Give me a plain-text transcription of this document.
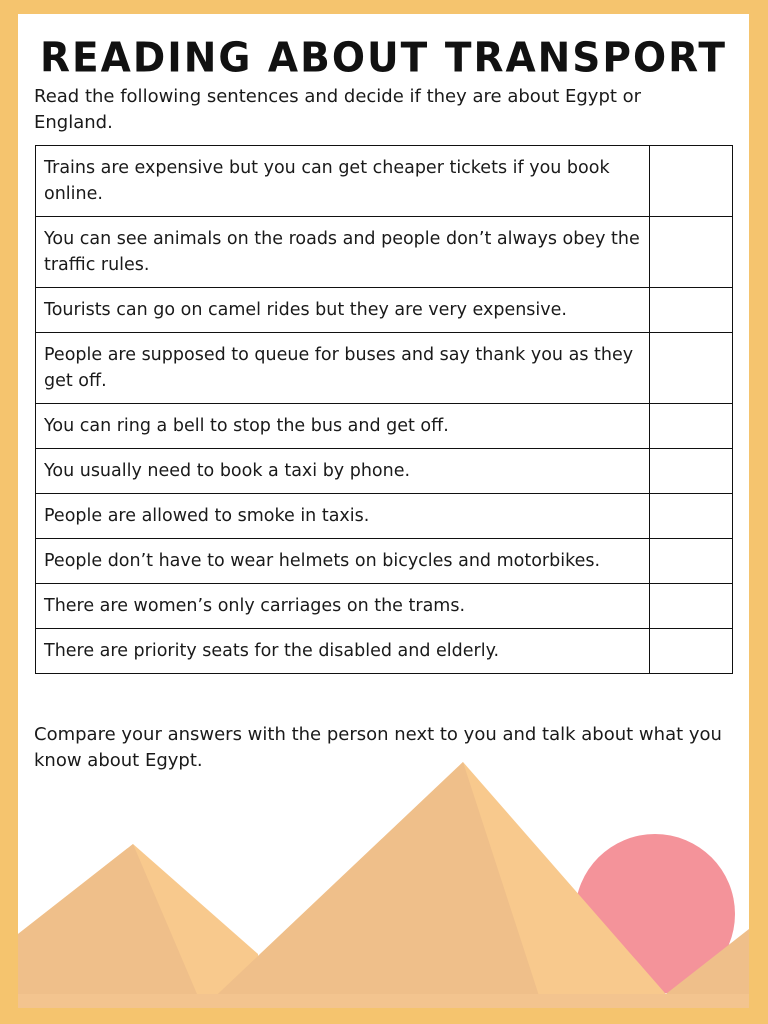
READING ABOUT TRANSPORT
Read the following sentences and decide if they are about Egypt or England.
Trains are expensive but you can get cheaper tickets if you book online.	
You can see animals on the roads and people don’t always obey the traffic rules.	
Tourists can go on camel rides but they are very expensive.	
People are supposed to queue for buses and say thank you as they get off.	
You can ring a bell to stop the bus and get off.	
You usually need to book a taxi by phone.	
People are allowed to smoke in taxis.	
People don’t have to wear helmets on bicycles and motorbikes.	
There are women’s only carriages on the trams.	
There are priority seats for the disabled and elderly.	
Compare your answers with the person next to you and talk about what you know about Egypt.
